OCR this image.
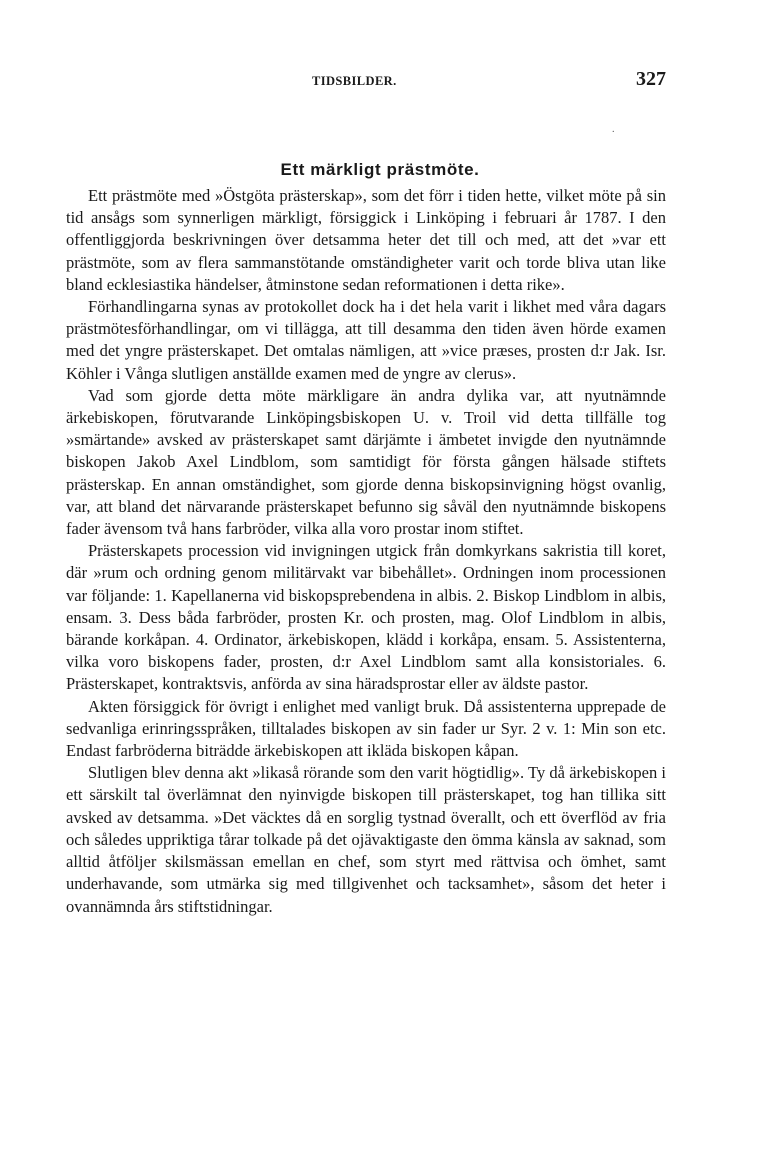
TIDSBILDER.	327
.
Ett märkligt prästmöte.

Ett prästmöte med »Östgöta prästerskap», som det förr i tiden hette, vilket möte på sin tid ansågs som synnerligen märkligt, försiggick i Linköping i februari år 1787. I den offentliggjorda beskrivningen över detsamma heter det till och med, att det »var ett prästmöte, som av flera sammanstötande omständigheter varit och torde bliva utan like bland ecklesiastika händelser, åtminstone sedan reformationen i detta rike».

Förhandlingarna synas av protokollet dock ha i det hela varit i likhet med våra dagars prästmötesförhandlingar, om vi tillägga, att till desamma den tiden även hörde examen med det yngre prästerskapet. Det omtalas nämligen, att »vice præses, prosten d:r Jak. Isr. Köhler i Vånga slutligen anställde examen med de yngre av clerus».

Vad som gjorde detta möte märkligare än andra dylika var, att nyutnämnde ärkebiskopen, förutvarande Linköpingsbiskopen U. v. Troil vid detta tillfälle tog »smärtande» avsked av prästerskapet samt därjämte i ämbetet invigde den nyutnämnde biskopen Jakob Axel Lindblom, som samtidigt för första gången hälsade stiftets prästerskap. En annan omständighet, som gjorde denna biskopsinvigning högst ovanlig, var, att bland det närvarande prästerskapet befunno sig såväl den nyutnämnde biskopens fader ävensom två hans farbröder, vilka alla voro prostar inom stiftet.

Prästerskapets procession vid invigningen utgick från domkyrkans sakristia till koret, där »rum och ordning genom militärvakt var bibehållet». Ordningen inom processionen var följande: 1. Kapellanerna vid biskopsprebendena in albis. 2. Biskop Lindblom in albis, ensam. 3. Dess båda farbröder, prosten Kr. och prosten, mag. Olof Lindblom in albis, bärande korkåpan. 4. Ordinator, ärkebiskopen, klädd i korkåpa, ensam. 5. Assistenterna, vilka voro biskopens fader, prosten, d:r Axel Lindblom samt alla konsistoriales. 6. Prästerskapet, kontraktsvis, anförda av sina häradsprostar eller av äldste pastor.

Akten försiggick för övrigt i enlighet med vanligt bruk. Då assistenterna upprepade de sedvanliga erinringsspråken, tilltalades biskopen av sin fader ur Syr. 2 v. 1: Min son etc. Endast farbröderna biträdde ärkebiskopen att ikläda biskopen kåpan.

Slutligen blev denna akt »likaså rörande som den varit högtidlig». Ty då ärkebiskopen i ett särskilt tal överlämnat den nyinvigde biskopen till prästerskapet, tog han tillika sitt avsked av detsamma. »Det väcktes då en sorglig tystnad överallt, och ett överflöd av fria och således uppriktiga tårar tolkade på det ojävaktigaste den ömma känsla av saknad, som alltid åtföljer skilsmässan emellan en chef, som styrt med rättvisa och ömhet, samt underhavande, som utmärka sig med tillgivenhet och tacksamhet», såsom det heter i ovannämnda års stiftstidningar.
